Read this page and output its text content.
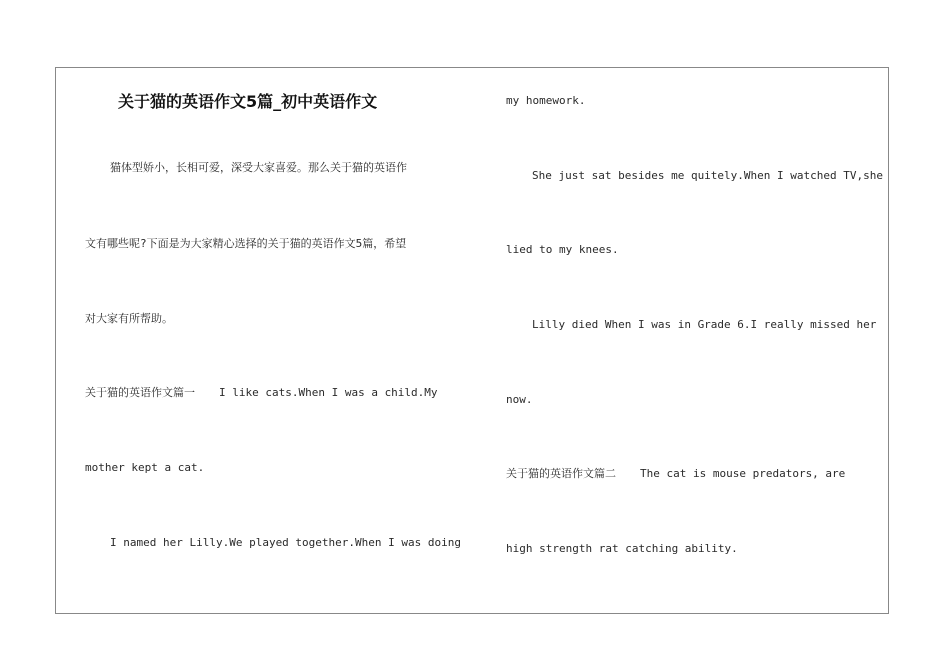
关于猫的英语作文5篇_初中英语作文
猫体型娇小，长相可爱，深受大家喜爱。那么关于猫的英语作
文有哪些呢?下面是为大家精心选择的关于猫的英语作文5篇，希望
对大家有所帮助。
关于猫的英语作文篇一 I like cats.When I was a child.My
mother kept a cat.
I named her Lilly.We played together.When I was doing
my homework.
She just sat besides me quitely.When I watched TV,she
lied to my knees.
Lilly died When I was in Grade 6.I really missed her
now.
关于猫的英语作文篇二 The cat is mouse predators, are
high strength rat catching ability.
